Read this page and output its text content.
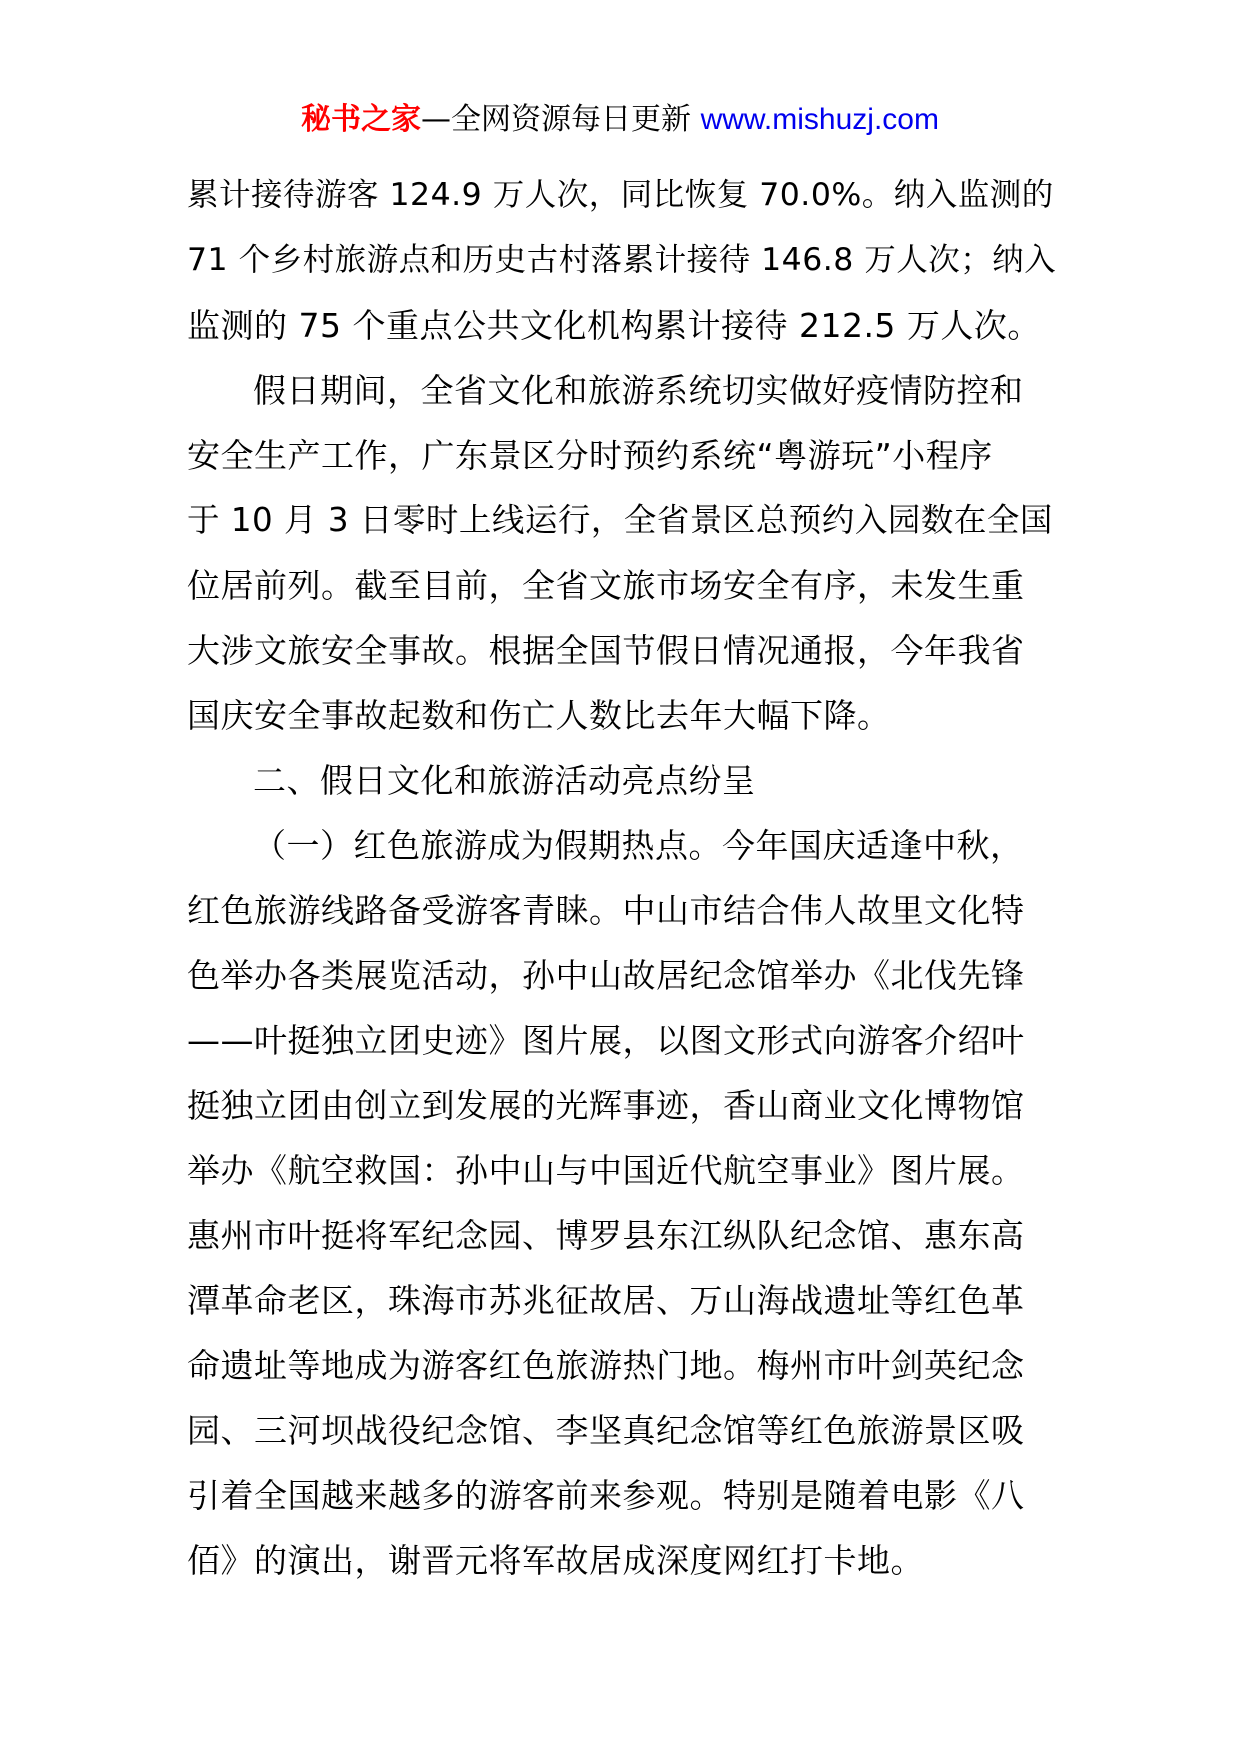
秘书之家—全网资源每日更新 www.mishuzj.com
累计接待游客 124.9 万人次，同比恢复 70.0%。纳入监测的
71 个乡村旅游点和历史古村落累计接待 146.8 万人次；纳入
监测的 75 个重点公共文化机构累计接待 212.5 万人次。
假日期间，全省文化和旅游系统切实做好疫情防控和
安全生产工作，广东景区分时预约系统“粤游玩”小程序
于 10 月 3 日零时上线运行，全省景区总预约入园数在全国
位居前列。截至目前，全省文旅市场安全有序，未发生重
大涉文旅安全事故。根据全国节假日情况通报，今年我省
国庆安全事故起数和伤亡人数比去年大幅下降。
二、假日文化和旅游活动亮点纷呈
（一）红色旅游成为假期热点。今年国庆适逢中秋，
红色旅游线路备受游客青睐。中山市结合伟人故里文化特
色举办各类展览活动，孙中山故居纪念馆举办《北伐先锋
——叶挺独立团史迹》图片展，以图文形式向游客介绍叶
挺独立团由创立到发展的光辉事迹，香山商业文化博物馆
举办《航空救国：孙中山与中国近代航空事业》图片展。
惠州市叶挺将军纪念园、博罗县东江纵队纪念馆、惠东高
潭革命老区，珠海市苏兆征故居、万山海战遗址等红色革
命遗址等地成为游客红色旅游热门地。梅州市叶剑英纪念
园、三河坝战役纪念馆、李坚真纪念馆等红色旅游景区吸
引着全国越来越多的游客前来参观。特别是随着电影《八
佰》的演出，谢晋元将军故居成深度网红打卡地。
